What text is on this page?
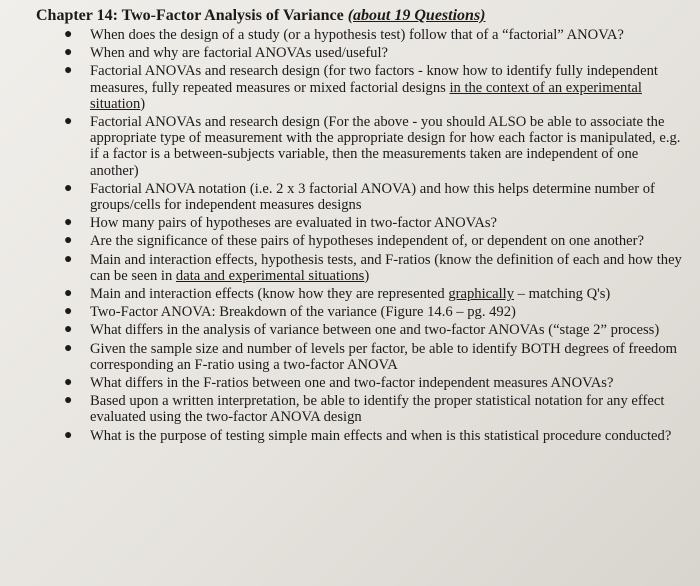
Chapter 14: Two-Factor Analysis of Variance (about 19 Questions)
● When does the design of a study (or a hypothesis test) follow that of a “factorial” ANOVA?
● When and why are factorial ANOVAs used/useful?
● Factorial ANOVAs and research design (for two factors - know how to identify fully independent measures, fully repeated measures or mixed factorial designs in the context of an experimental situation)
● Factorial ANOVAs and research design (For the above - you should ALSO be able to associate the appropriate type of measurement with the appropriate design for how each factor is manipulated, e.g. if a factor is a between-subjects variable, then the measurements taken are independent of one another)
● Factorial ANOVA notation (i.e. 2 x 3 factorial ANOVA) and how this helps determine number of groups/cells for independent measures designs
● How many pairs of hypotheses are evaluated in two-factor ANOVAs?
● Are the significance of these pairs of hypotheses independent of, or dependent on one another?
● Main and interaction effects, hypothesis tests, and F-ratios (know the definition of each and how they can be seen in data and experimental situations)
● Main and interaction effects (know how they are represented graphically – matching Q's)
● Two-Factor ANOVA: Breakdown of the variance (Figure 14.6 – pg. 492)
● What differs in the analysis of variance between one and two-factor ANOVAs (“stage 2” process)
● Given the sample size and number of levels per factor, be able to identify BOTH degrees of freedom corresponding an F-ratio using a two-factor ANOVA
● What differs in the F-ratios between one and two-factor independent measures ANOVAs?
● Based upon a written interpretation, be able to identify the proper statistical notation for any effect evaluated using the two-factor ANOVA design
● What is the purpose of testing simple main effects and when is this statistical procedure conducted?
